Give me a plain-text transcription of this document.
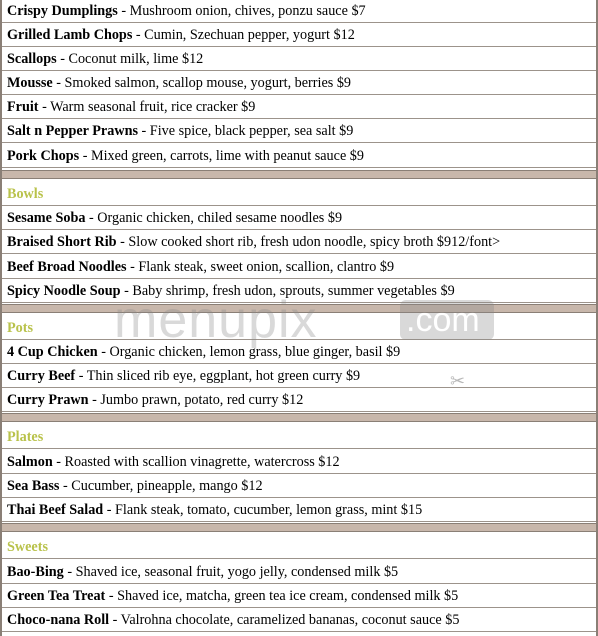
Crispy Dumplings - Mushroom onion, chives, ponzu sauce $7
Grilled Lamb Chops - Cumin, Szechuan pepper, yogurt $12
Scallops - Coconut milk, lime $12
Mousse - Smoked salmon, scallop mouse, yogurt, berries $9
Fruit - Warm seasonal fruit, rice cracker $9
Salt n Pepper Prawns - Five spice, black pepper, sea salt $9
Pork Chops - Mixed green, carrots, lime with peanut sauce $9
Bowls
Sesame Soba - Organic chicken, chiled sesame noodles $9
Braised Short Rib - Slow cooked short rib, fresh udon noodle, spicy broth $912/font>
Beef Broad Noodles - Flank steak, sweet onion, scallion, clantro $9
Spicy Noodle Soup - Baby shrimp, fresh udon, sprouts, summer vegetables $9
Pots
4 Cup Chicken - Organic chicken, lemon grass, blue ginger, basil $9
Curry Beef - Thin sliced rib eye, eggplant, hot green curry $9
Curry Prawn - Jumbo prawn, potato, red curry $12
Plates
Salmon - Roasted with scallion vinagrette, watercross $12
Sea Bass - Cucumber, pineapple, mango $12
Thai Beef Salad - Flank steak, tomato, cucumber, lemon grass, mint $15
Sweets
Bao-Bing - Shaved ice, seasonal fruit, yogo jelly, condensed milk $5
Green Tea Treat - Shaved ice, matcha, green tea ice cream, condensed milk $5
Choco-nana Roll - Valrohna chocolate, caramelized bananas, coconut sauce $5
menupix	.com
✂
